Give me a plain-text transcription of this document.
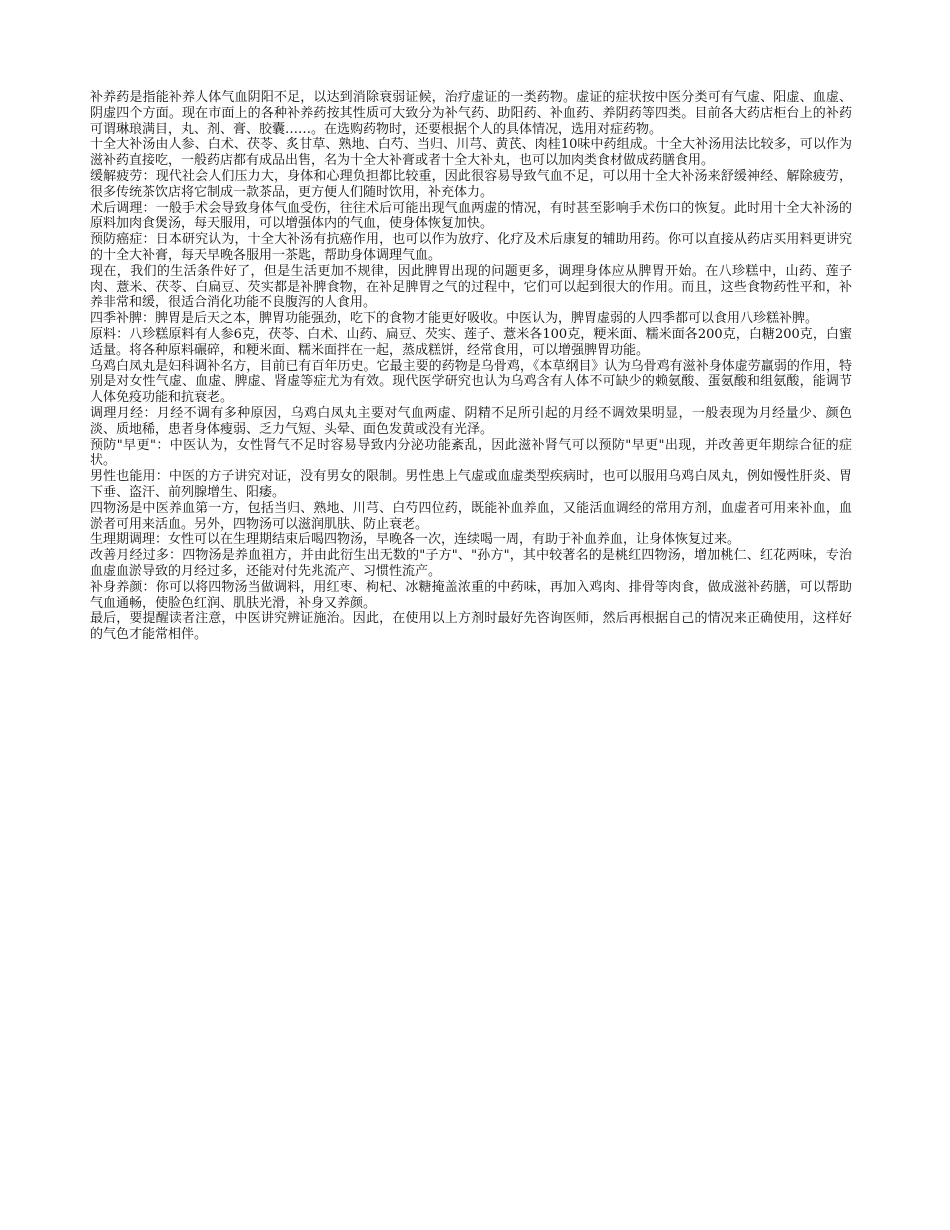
补养药是指能补养人体气血阴阳不足，以达到消除衰弱证候，治疗虚证的一类药物。虚证的症状按中医分类可有气虚、阳虚、血虚、阴虚四个方面。现在市面上的各种补养药按其性质可大致分为补气药、助阳药、补血药、养阴药等四类。目前各大药店柜台上的补药可谓琳琅满目，丸、剂、膏、胶囊……。在选购药物时，还要根据个人的具体情况，选用对症药物。

十全大补汤由人参、白术、茯苓、炙甘草、熟地、白芍、当归、川芎、黄芪、肉桂10味中药组成。十全大补汤用法比较多，可以作为滋补药直接吃，一般药店都有成品出售，名为十全大补膏或者十全大补丸，也可以加肉类食材做成药膳食用。

缓解疲劳：现代社会人们压力大，身体和心理负担都比较重，因此很容易导致气血不足，可以用十全大补汤来舒缓神经、解除疲劳，很多传统茶饮店将它制成一款茶品，更方便人们随时饮用，补充体力。

术后调理：一般手术会导致身体气血受伤，往往术后可能出现气血两虚的情况，有时甚至影响手术伤口的恢复。此时用十全大补汤的原料加肉食煲汤，每天服用，可以增强体内的气血，使身体恢复加快。

预防癌症：日本研究认为，十全大补汤有抗癌作用，也可以作为放疗、化疗及术后康复的辅助用药。你可以直接从药店买用料更讲究的十全大补膏，每天早晚各服用一茶匙，帮助身体调理气血。

现在，我们的生活条件好了，但是生活更加不规律，因此脾胃出现的问题更多，调理身体应从脾胃开始。在八珍糕中，山药、莲子肉、薏米、茯苓、白扁豆、芡实都是补脾食物，在补足脾胃之气的过程中，它们可以起到很大的作用。而且，这些食物药性平和，补养非常和缓，很适合消化功能不良腹泻的人食用。

四季补脾：脾胃是后天之本，脾胃功能强劲，吃下的食物才能更好吸收。中医认为，脾胃虚弱的人四季都可以食用八珍糕补脾。

原料：八珍糕原料有人参6克，茯苓、白术、山药、扁豆、芡实、莲子、薏米各100克，粳米面、糯米面各200克，白糖200克，白蜜适量。将各种原料碾碎，和粳米面、糯米面拌在一起，蒸成糕饼，经常食用，可以增强脾胃功能。

乌鸡白凤丸是妇科调补名方，目前已有百年历史。它最主要的药物是乌骨鸡，《本草纲目》认为乌骨鸡有滋补身体虚劳羸弱的作用，特别是对女性气虚、血虚、脾虚、肾虚等症尤为有效。现代医学研究也认为乌鸡含有人体不可缺少的赖氨酸、蛋氨酸和组氨酸，能调节人体免疫功能和抗衰老。

调理月经：月经不调有多种原因，乌鸡白凤丸主要对气血两虚、阴精不足所引起的月经不调效果明显，一般表现为月经量少、颜色淡、质地稀，患者身体瘦弱、乏力气短、头晕、面色发黄或没有光泽。

预防"早更"：中医认为，女性肾气不足时容易导致内分泌功能紊乱，因此滋补肾气可以预防"早更"出现，并改善更年期综合征的症状。

男性也能用：中医的方子讲究对证，没有男女的限制。男性患上气虚或血虚类型疾病时，也可以服用乌鸡白凤丸，例如慢性肝炎、胃下垂、盗汗、前列腺增生、阳痿。

四物汤是中医养血第一方，包括当归、熟地、川芎、白芍四位药，既能补血养血，又能活血调经的常用方剂，血虚者可用来补血，血淤者可用来活血。另外，四物汤可以滋润肌肤、防止衰老。

生理期调理：女性可以在生理期结束后喝四物汤，早晚各一次，连续喝一周，有助于补血养血，让身体恢复过来。

改善月经过多：四物汤是养血祖方，并由此衍生出无数的"子方"、"孙方"，其中较著名的是桃红四物汤，增加桃仁、红花两味，专治血虚血淤导致的月经过多，还能对付先兆流产、习惯性流产。

补身养颜：你可以将四物汤当做调料，用红枣、枸杞、冰糖掩盖浓重的中药味，再加入鸡肉、排骨等肉食，做成滋补药膳，可以帮助气血通畅，使脸色红润、肌肤光滑，补身又养颜。

最后，要提醒读者注意，中医讲究辨证施治。因此，在使用以上方剂时最好先咨询医师，然后再根据自己的情况来正确使用，这样好的气色才能常相伴。
